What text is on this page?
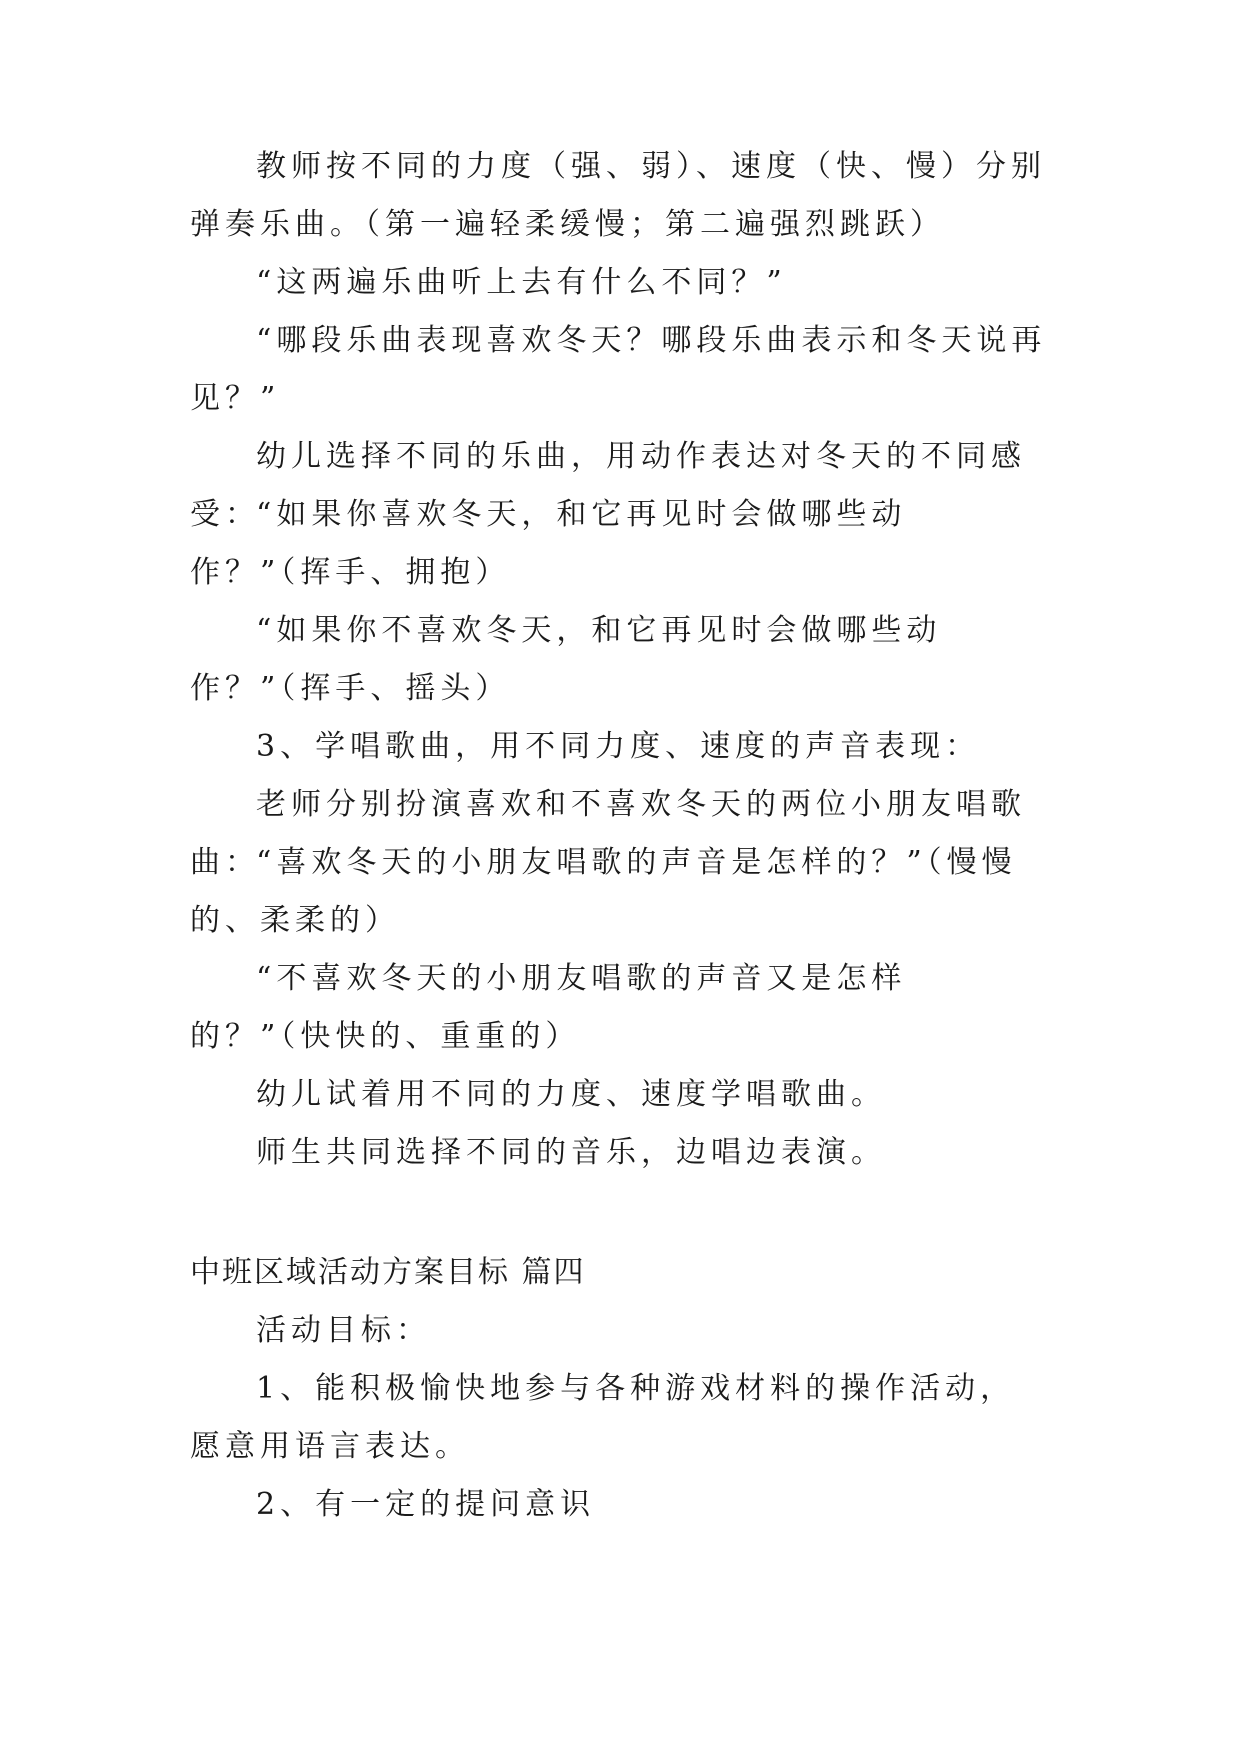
教师按不同的力度（强、弱）、速度（快、慢）分别弹奏乐曲。（第一遍轻柔缓慢；第二遍强烈跳跃）

“这两遍乐曲听上去有什么不同？”

“哪段乐曲表现喜欢冬天？哪段乐曲表示和冬天说再见？”

幼儿选择不同的乐曲，用动作表达对冬天的不同感受：

“如果你喜欢冬天，和它再见时会做哪些动作？”（挥手、拥抱）

“如果你不喜欢冬天，和它再见时会做哪些动作？”（挥手、摇头）

3、学唱歌曲，用不同力度、速度的声音表现：

老师分别扮演喜欢和不喜欢冬天的两位小朋友唱歌曲：

“喜欢冬天的小朋友唱歌的声音是怎样的？”（慢慢的、柔柔的）

“不喜欢冬天的小朋友唱歌的声音又是怎样的？”（快快的、重重的）

幼儿试着用不同的力度、速度学唱歌曲。

师生共同选择不同的音乐，边唱边表演。

中班区域活动方案目标 篇四

活动目标：

1、能积极愉快地参与各种游戏材料的操作活动，愿意用语言表达。

2、有一定的提问意识
